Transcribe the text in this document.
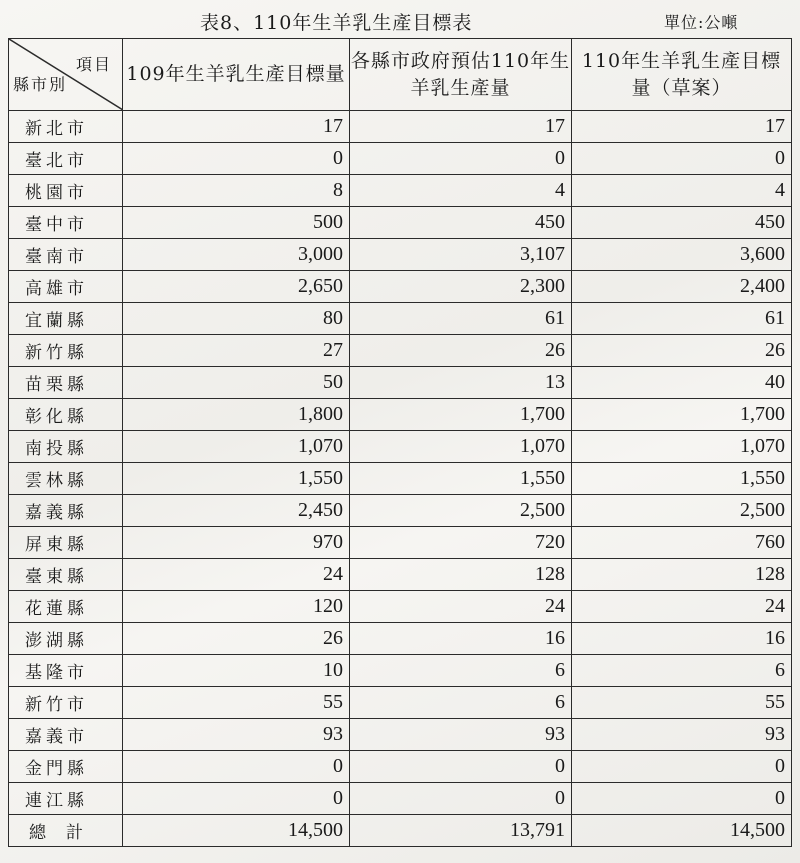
表8、110年生羊乳生產目標表	單位:公噸
項目
縣市別	109年生羊乳生產目標量	各縣市政府預估110年生羊乳生產量	110年生羊乳生產目標量（草案）
新北市	17	17	17
臺北市	0	0	0
桃園市	8	4	4
臺中市	500	450	450
臺南市	3,000	3,107	3,600
高雄市	2,650	2,300	2,400
宜蘭縣	80	61	61
新竹縣	27	26	26
苗栗縣	50	13	40
彰化縣	1,800	1,700	1,700
南投縣	1,070	1,070	1,070
雲林縣	1,550	1,550	1,550
嘉義縣	2,450	2,500	2,500
屏東縣	970	720	760
臺東縣	24	128	128
花蓮縣	120	24	24
澎湖縣	26	16	16
基隆市	10	6	6
新竹市	55	6	55
嘉義市	93	93	93
金門縣	0	0	0
連江縣	0	0	0
總計	14,500	13,791	14,500
